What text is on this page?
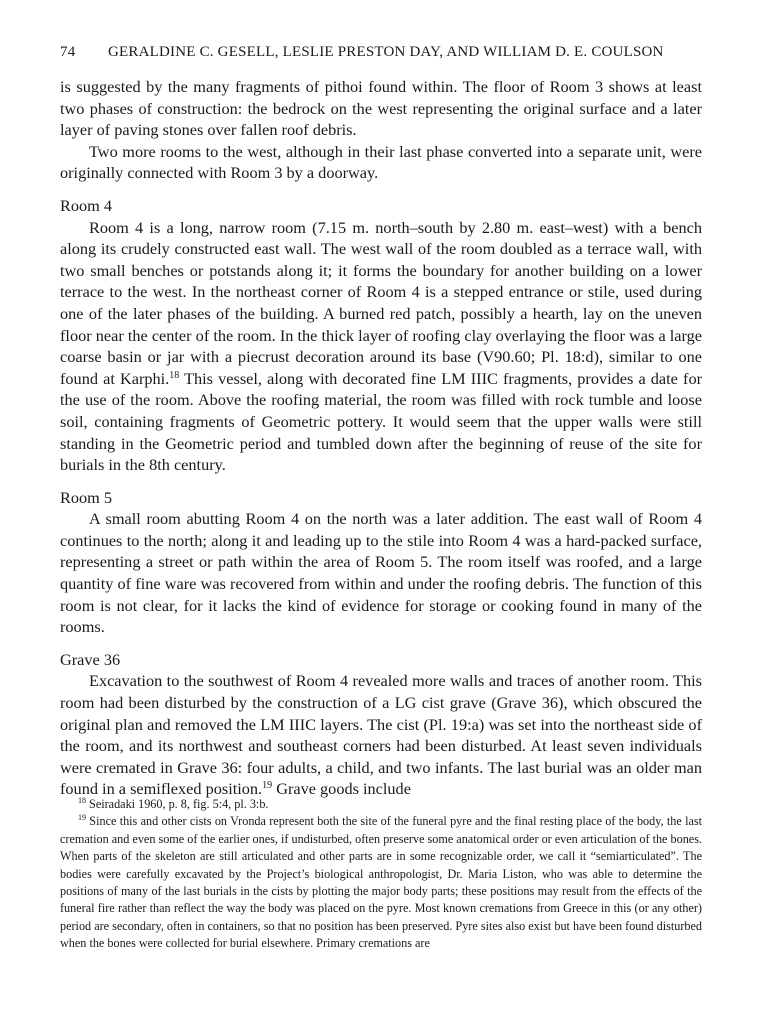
74 GERALDINE C. GESELL, LESLIE PRESTON DAY, AND WILLIAM D. E. COULSON

is suggested by the many fragments of pithoi found within. The floor of Room 3 shows at least two phases of construction: the bedrock on the west representing the original surface and a later layer of paving stones over fallen roof debris.

Two more rooms to the west, although in their last phase converted into a separate unit, were originally connected with Room 3 by a doorway.

Room 4

Room 4 is a long, narrow room (7.15 m. north–south by 2.80 m. east–west) with a bench along its crudely constructed east wall. The west wall of the room doubled as a terrace wall, with two small benches or potstands along it; it forms the boundary for another building on a lower terrace to the west. In the northeast corner of Room 4 is a stepped entrance or stile, used during one of the later phases of the building. A burned red patch, possibly a hearth, lay on the uneven floor near the center of the room. In the thick layer of roofing clay overlaying the floor was a large coarse basin or jar with a piecrust decoration around its base (V90.60; Pl. 18:d), similar to one found at Karphi.$^{18}$ This vessel, along with decorated fine LM IIIC fragments, provides a date for the use of the room. Above the roofing material, the room was filled with rock tumble and loose soil, containing fragments of Geometric pottery. It would seem that the upper walls were still standing in the Geometric period and tumbled down after the beginning of reuse of the site for burials in the 8th century.

Room 5

A small room abutting Room 4 on the north was a later addition. The east wall of Room 4 continues to the north; along it and leading up to the stile into Room 4 was a hard-packed surface, representing a street or path within the area of Room 5. The room itself was roofed, and a large quantity of fine ware was recovered from within and under the roofing debris. The function of this room is not clear, for it lacks the kind of evidence for storage or cooking found in many of the rooms.

Grave 36

Excavation to the southwest of Room 4 revealed more walls and traces of another room. This room had been disturbed by the construction of a LG cist grave (Grave 36), which obscured the original plan and removed the LM IIIC layers. The cist (Pl. 19:a) was set into the northeast side of the room, and its northwest and southeast corners had been disturbed. At least seven individuals were cremated in Grave 36: four adults, a child, and two infants. The last burial was an older man found in a semiflexed position.$^{19}$ Grave goods include

$^{18}$ Seiradaki 1960, p. 8, fig. 5:4, pl. 3:b.

$^{19}$ Since this and other cists on Vronda represent both the site of the funeral pyre and the final resting place of the body, the last cremation and even some of the earlier ones, if undisturbed, often preserve some anatomical order or even articulation of the bones. When parts of the skeleton are still articulated and other parts are in some recognizable order, we call it “semiarticulated”. The bodies were carefully excavated by the Project’s biological anthropologist, Dr. Maria Liston, who was able to determine the positions of many of the last burials in the cists by plotting the major body parts; these positions may result from the effects of the funeral fire rather than reflect the way the body was placed on the pyre. Most known cremations from Greece in this (or any other) period are secondary, often in containers, so that no position has been preserved. Pyre sites also exist but have been found disturbed when the bones were collected for burial elsewhere. Primary cremations are
